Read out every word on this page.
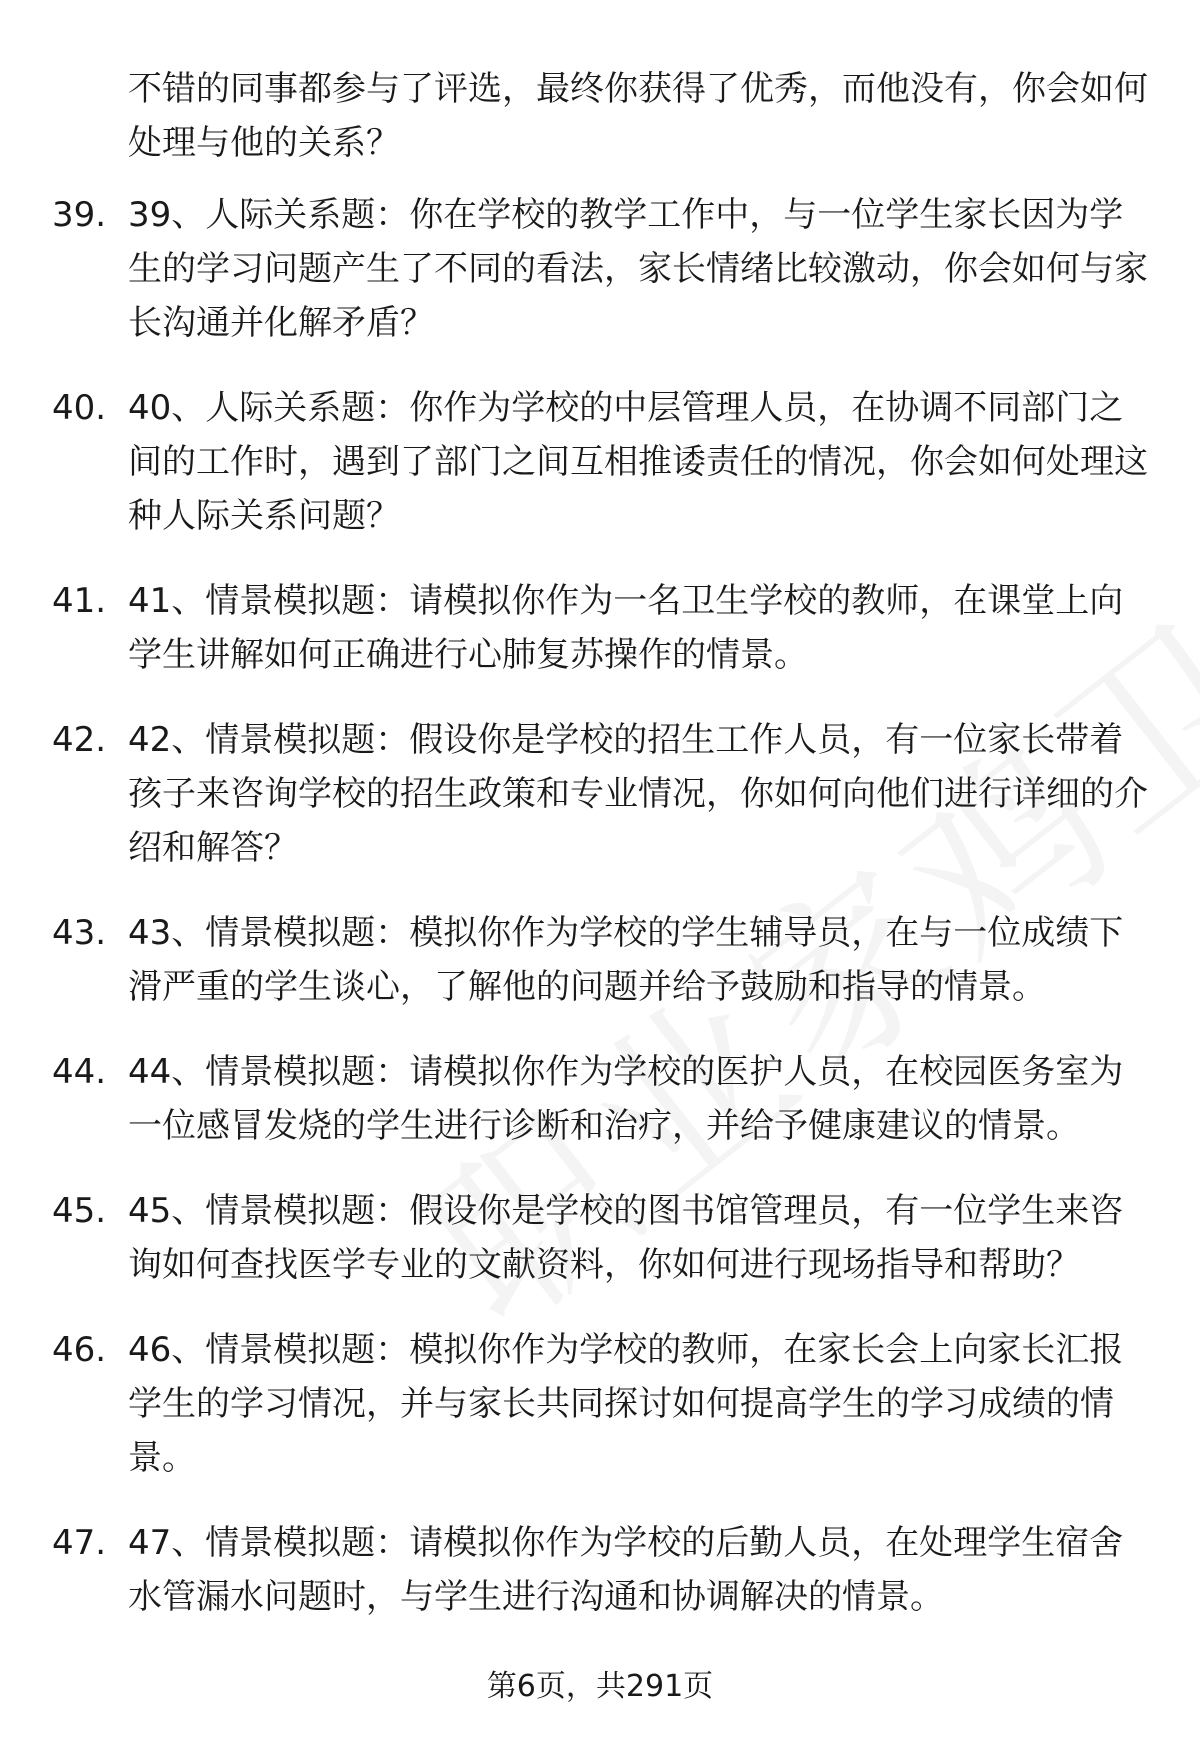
不错的同事都参与了评选，最终你获得了优秀，而他没有，你会如何处理与他的关系？
39. 39、人际关系题：你在学校的教学工作中，与一位学生家长因为学生的学习问题产生了不同的看法，家长情绪比较激动，你会如何与家长沟通并化解矛盾？
40. 40、人际关系题：你作为学校的中层管理人员，在协调不同部门之间的工作时，遇到了部门之间互相推诿责任的情况，你会如何处理这种人际关系问题？
41. 41、情景模拟题：请模拟你作为一名卫生学校的教师，在课堂上向学生讲解如何正确进行心肺复苏操作的情景。
42. 42、情景模拟题：假设你是学校的招生工作人员，有一位家长带着孩子来咨询学校的招生政策和专业情况，你如何向他们进行详细的介绍和解答？
43. 43、情景模拟题：模拟你作为学校的学生辅导员，在与一位成绩下滑严重的学生谈心，了解他的问题并给予鼓励和指导的情景。
44. 44、情景模拟题：请模拟你作为学校的医护人员，在校园医务室为一位感冒发烧的学生进行诊断和治疗，并给予健康建议的情景。
45. 45、情景模拟题：假设你是学校的图书馆管理员，有一位学生来咨询如何查找医学专业的文献资料，你如何进行现场指导和帮助？
46. 46、情景模拟题：模拟你作为学校的教师，在家长会上向家长汇报学生的学习情况，并与家长共同探讨如何提高学生的学习成绩的情景。
47. 47、情景模拟题：请模拟你作为学校的后勤人员，在处理学生宿舍水管漏水问题时，与学生进行沟通和协调解决的情景。
第6页，共291页
